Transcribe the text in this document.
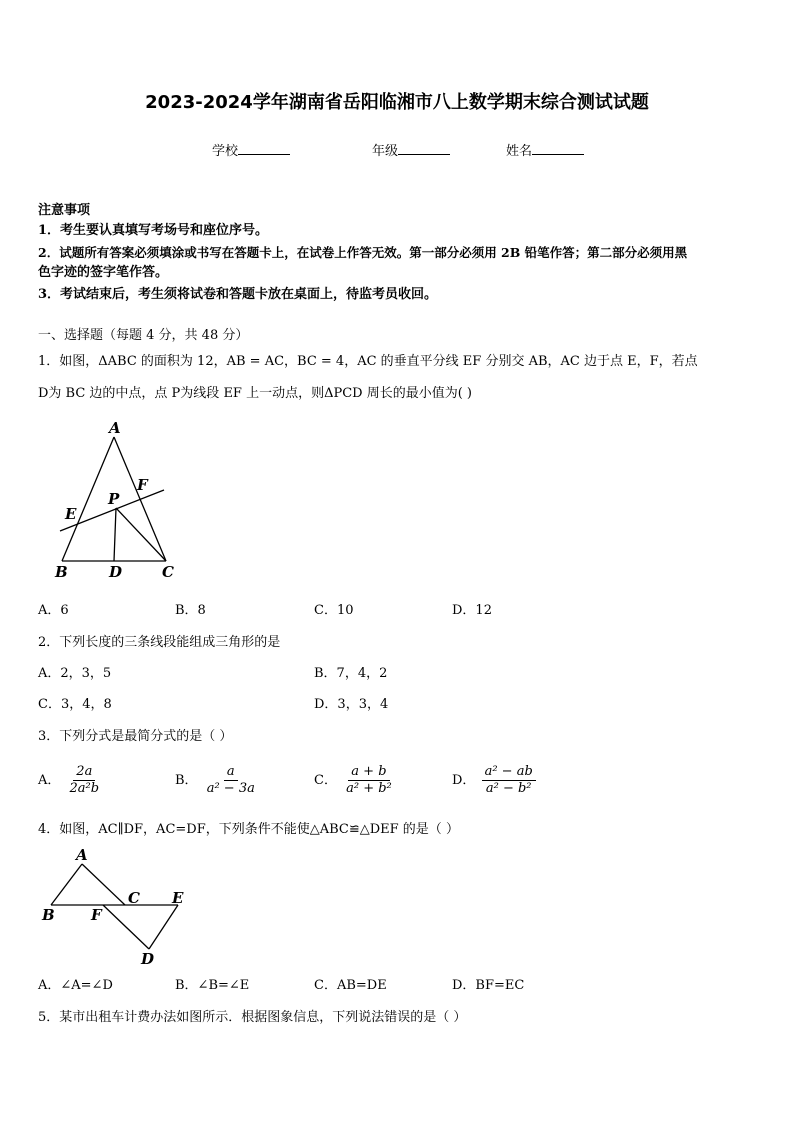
2023-2024学年湖南省岳阳临湘市八上数学期末综合测试试题
学校	年级	姓名
注意事项
1．考生要认真填写考场号和座位序号。
2．试题所有答案必须填涂或书写在答题卡上，在试卷上作答无效。第一部分必须用 2B 铅笔作答；第二部分必须用黑
色字迹的签字笔作答。
3．考试结束后，考生须将试卷和答题卡放在桌面上，待监考员收回。
一、选择题（每题 4 分，共 48 分）
1．如图，ΔABC 的面积为 12，AB = AC，BC = 4，AC 的垂直平分线 EF 分别交 AB，AC 边于点 E，F，若点
D为 BC 边的中点，点 P为线段 EF 上一动点，则ΔPCD 周长的最小值为( )
A
F
P
E
B	D	C
A．6	B．8	C．10	D．12
2．下列长度的三条线段能组成三角形的是
A．2，3，5	B．7，4，2
C．3，4，8	D．3，3，4
3．下列分式是最简分式的是（ ）
A． $\frac{2a}{\text{2a²b}}$	B． $\frac{a}{\text{a² − 3a}}$	C． $\frac{a + b}{\text{a² + b²}}$	D． $\frac{\text{a² − ab}}{\text{a² − b²}}$
4．如图，AC∥DF，AC=DF，下列条件不能使△ABC≌△DEF 的是（ ）
A
B F
C E
D
A．∠A=∠D	B．∠B=∠E	C．AB=DE	D．BF=EC
5．某市出租车计费办法如图所示．根据图象信息，下列说法错误的是（ ）
